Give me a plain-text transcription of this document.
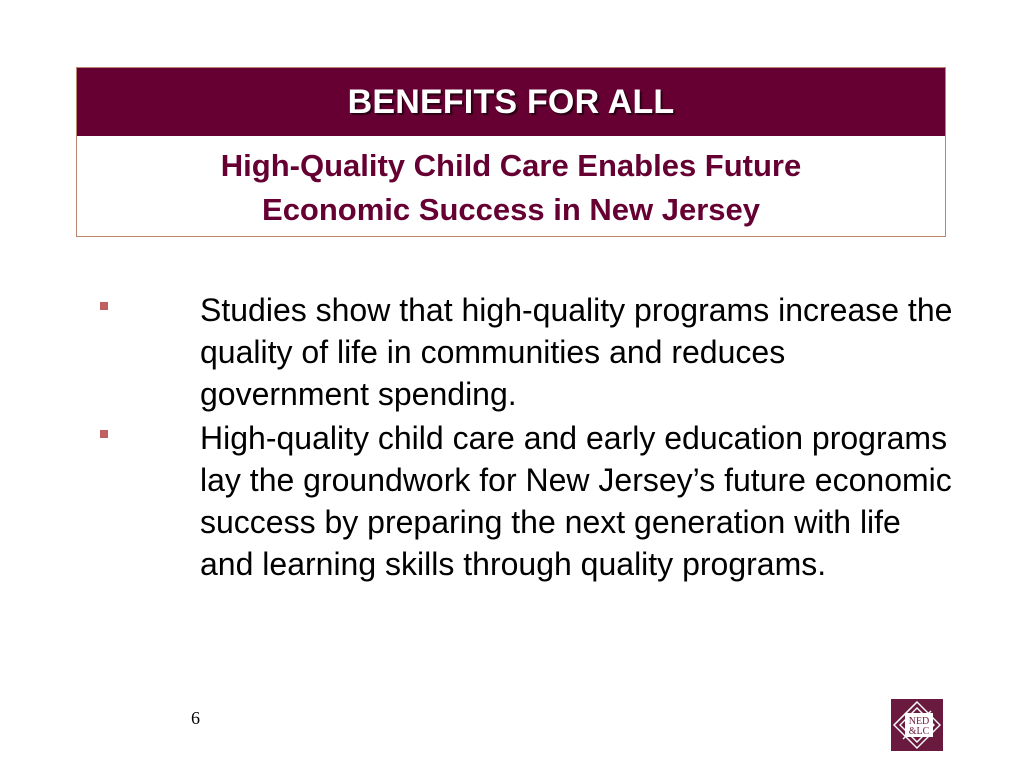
BENEFITS FOR ALL
High-Quality Child Care Enables Future
Economic Success in New Jersey
Studies show that high-quality programs increase the quality of life in communities and reduces government spending.
High-quality child care and early education programs lay the groundwork for New Jersey’s future economic success by preparing the next generation with life and learning skills through quality programs.
6	NED
&LC
